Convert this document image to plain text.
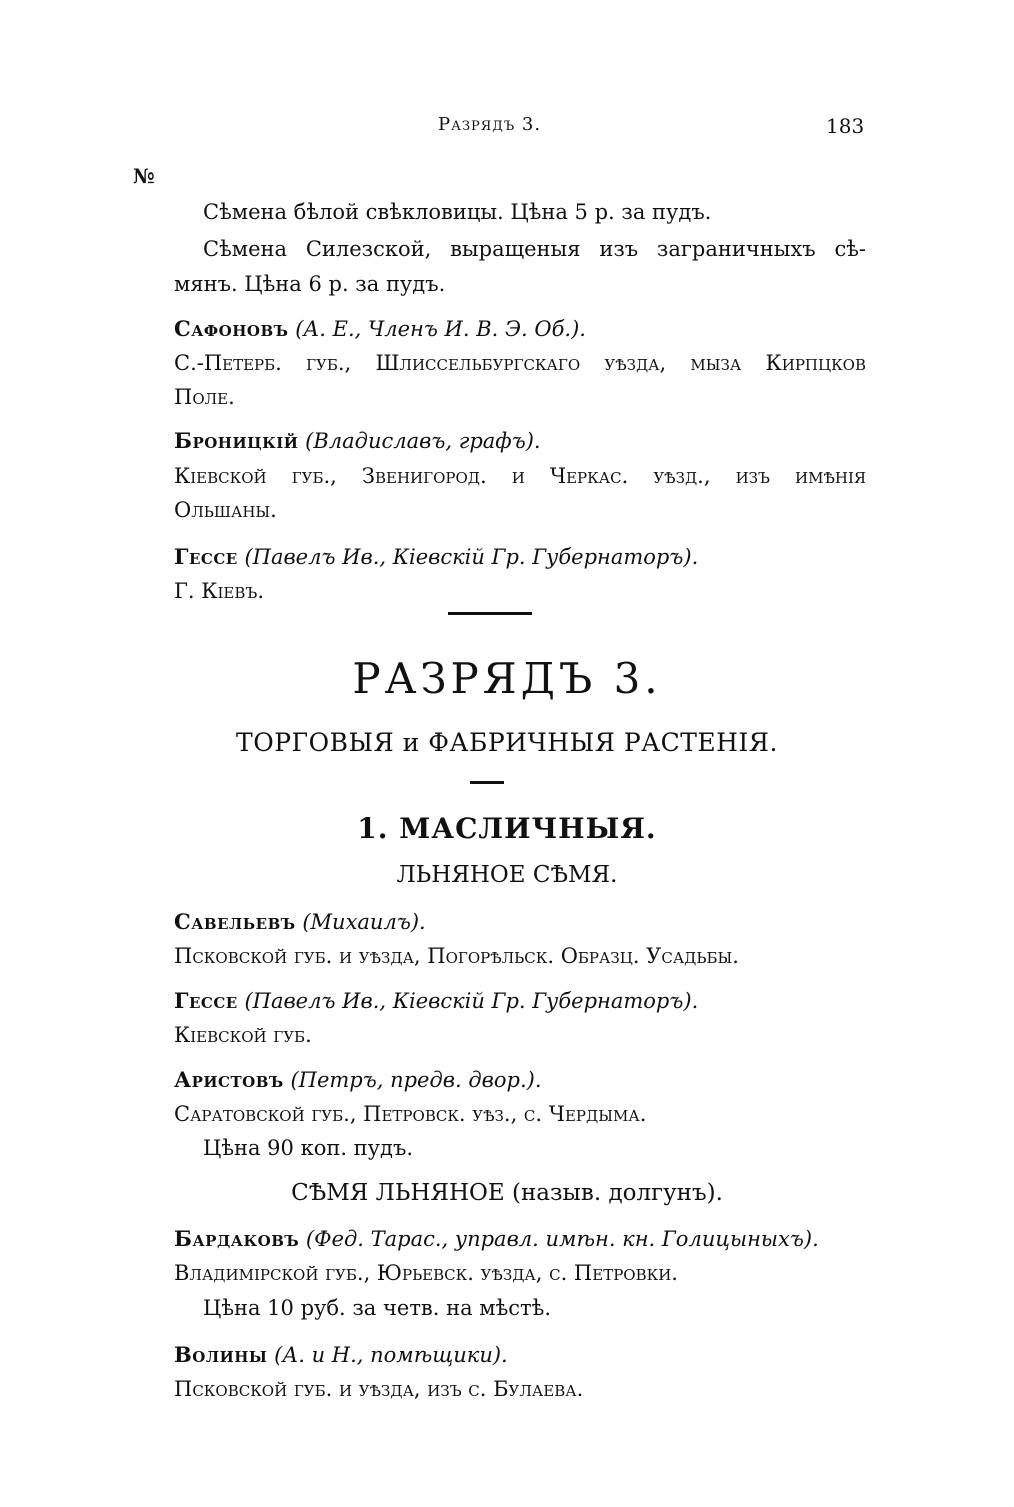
Разрядъ 3.	183
№
Сѣмена бѣлой свѣкловицы. Цѣна 5 р. за пудъ.
Сѣмена Силезской, выращеныя изъ заграничныхъ сѣ-
мянъ. Цѣна 6 р. за пудъ.
Сафоновъ (А. Е., Членъ И. В. Э. Об.).
С.-Петерб. губ., Шлиссельбургскаго уѣзда, мыза Кирпцков
Поле.
Броницкій (Владиславъ, графъ).
Кіевской губ., Звенигород. и Черкас. уѣзд., изъ имѣнія
Ольшаны.
Гессе (Павелъ Ив., Кіевскій Гр. Губернаторъ).
Г. Кіевъ.
РАЗРЯДЪ 3.
ТОРГОВЫЯ и ФАБРИЧНЫЯ РАСТЕНІЯ.
1. МАСЛИЧНЫЯ.
ЛЬНЯНОЕ СѢМЯ.
Савельевъ (Михаилъ).
Псковской губ. и уѣзда, Погорѣльск. Образц. Усадьбы.
Гессе (Павелъ Ив., Кіевскій Гр. Губернаторъ).
Кіевской губ.
Аристовъ (Петръ, предв. двор.).
Саратовской губ., Петровск. уѣз., с. Чердыма.
Цѣна 90 коп. пудъ.
СѢМЯ ЛЬНЯНОЕ (назыв. долгунъ).
Бардаковъ (Фед. Тарас., управл. имѣн. кн. Голицыныхъ).
Владимірской губ., Юрьевск. уѣзда, с. Петровки.
Цѣна 10 руб. за четв. на мѣстѣ.
Волины (А. и Н., помѣщики).
Псковской губ. и уѣзда, изъ с. Булаева.
